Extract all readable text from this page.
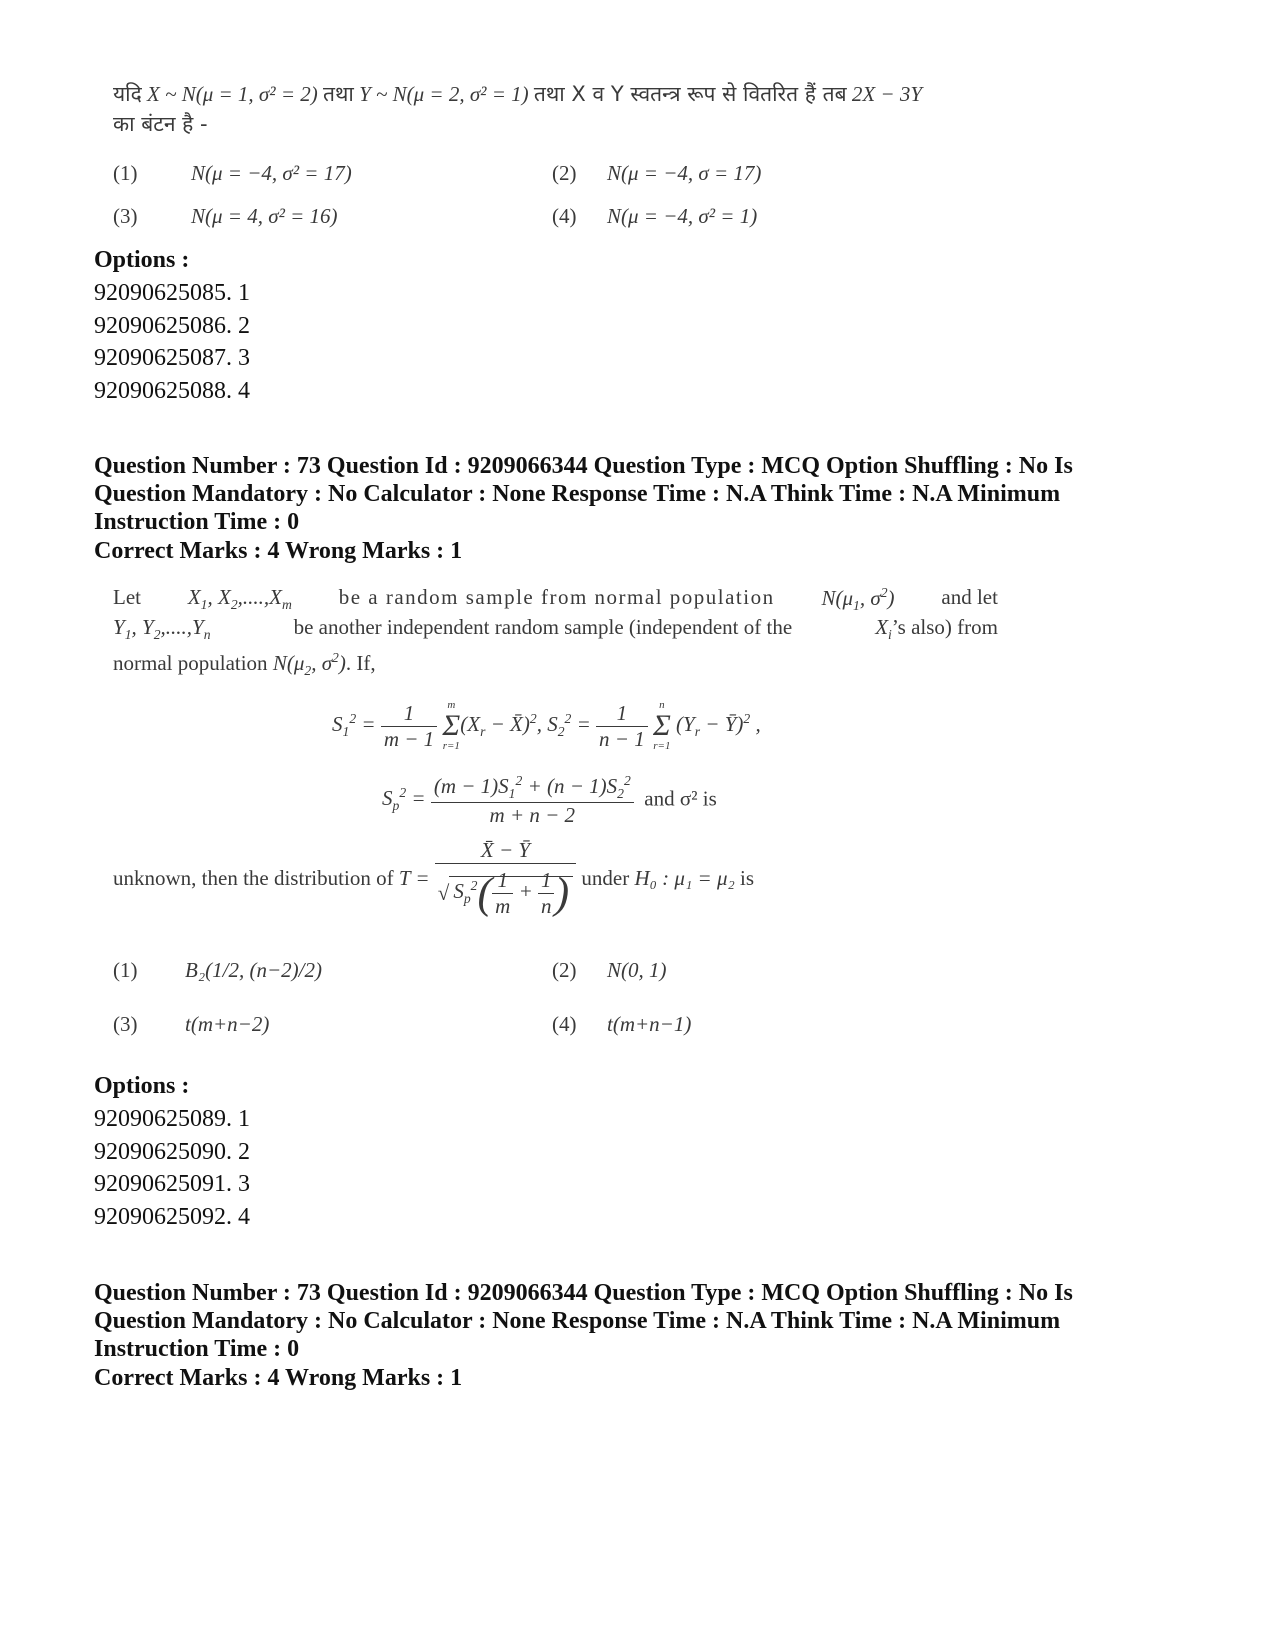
यदि X ~ N(μ = 1, σ² = 2) तथा Y ~ N(μ = 2, σ² = 1) तथा X व Y स्वतन्त्र रूप से वितरित हैं तब 2X − 3Y
का बंटन है -
(1)	N(μ = −4, σ² = 17)	(2) N(μ = −4, σ = 17)
(3)	N(μ = 4, σ² = 16)	(4) N(μ = −4, σ² = 1)
Options :
92090625085. 1
92090625086. 2
92090625087. 3
92090625088. 4
Question Number : 73 Question Id : 9209066344 Question Type : MCQ Option Shuffling : No Is
Question Mandatory : No Calculator : None Response Time : N.A Think Time : N.A Minimum
Instruction Time : 0
Correct Marks : 4 Wrong Marks : 1
Let $X_1$, $X_2,....,X_m$ be a random sample from normal population $N(\mu_1$, $\sigma^2$) and let
$Y_1$, $Y_2,....,Y_n$	be another independent random sample (independent of the	$X_i’s$ also) from
normal population $N(\mu_2$, $\sigma^2$). If,
$S_1^2 = \frac{1}{m - 1}$
m
Σ
r=1
($X_r$ − X̄)$^2$, $S_2^2 = \frac{1}{n - 1}$
	n
Σ
r=1
($Y_r$ − Ȳ)$^2$ ,
$S_p^2 = \frac{(m - 1)S_1^2 + (n - 1)S_2^2}{m + n - 2}$ and σ² is
unknown, then the distribution of $T = \frac{X̄ - Ȳ}{√ S_p^2( \frac{1}{m} + \frac{1}{n} )}$ under H₀ : μ₁ = μ₂ is
(1) B₂(1/2, (n−2)/2)	(2) N(0, 1)
(3) t(m+n−2)	(4) t(m+n−1)
Options :
92090625089. 1
92090625090. 2
92090625091. 3
92090625092. 4
Question Number : 73 Question Id : 9209066344 Question Type : MCQ Option Shuffling : No Is
Question Mandatory : No Calculator : None Response Time : N.A Think Time : N.A Minimum
Instruction Time : 0
Correct Marks : 4 Wrong Marks : 1
